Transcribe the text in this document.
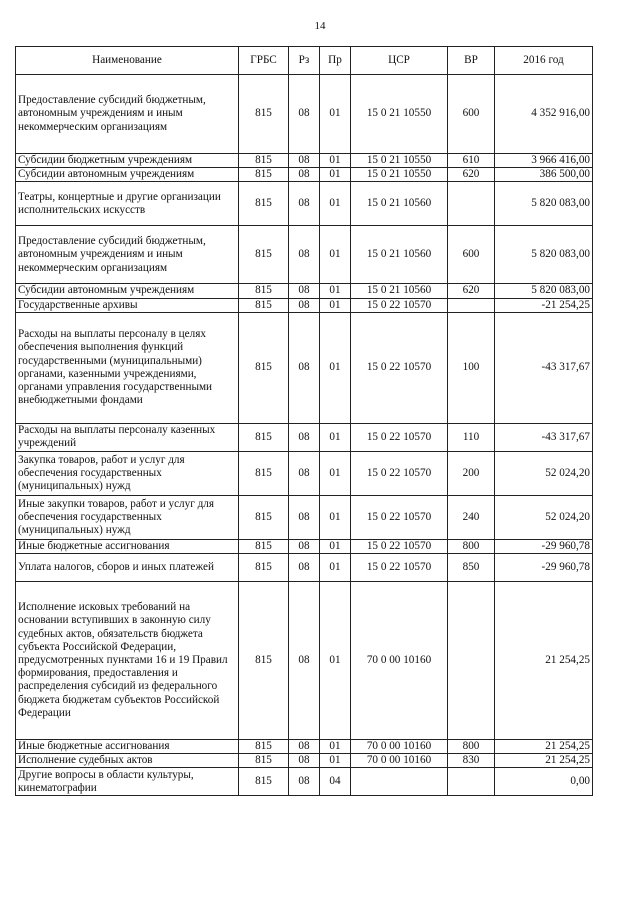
14
Наименование	ГРБС	Рз	Пр	ЦСР	ВР	2016 год
Предоставление субсидий бюджетным, автономным учреждениям и иным некоммерческим организациям	815	08	01	15 0 21 10550	600	4 352 916,00
Субсидии бюджетным учреждениям	815	08	01	15 0 21 10550	610	3 966 416,00
Субсидии автономным учреждениям	815	08	01	15 0 21 10550	620	386 500,00
Театры, концертные и другие организации исполнительских искусств	815	08	01	15 0 21 10560		5 820 083,00
Предоставление субсидий бюджетным, автономным учреждениям и иным некоммерческим организациям	815	08	01	15 0 21 10560	600	5 820 083,00
Субсидии автономным учреждениям	815	08	01	15 0 21 10560	620	5 820 083,00
Государственные архивы	815	08	01	15 0 22 10570		-21 254,25
Расходы на выплаты персоналу в целях обеспечения выполнения функций государственными (муниципальными) органами, казенными учреждениями, органами управления государственными внебюджетными фондами	815	08	01	15 0 22 10570	100	-43 317,67
Расходы на выплаты персоналу казенных учреждений	815	08	01	15 0 22 10570	110	-43 317,67
Закупка товаров, работ и услуг для обеспечения государственных (муниципальных) нужд	815	08	01	15 0 22 10570	200	52 024,20
Иные закупки товаров, работ и услуг для обеспечения государственных (муниципальных) нужд	815	08	01	15 0 22 10570	240	52 024,20
Иные бюджетные ассигнования	815	08	01	15 0 22 10570	800	-29 960,78
Уплата налогов, сборов и иных платежей	815	08	01	15 0 22 10570	850	-29 960,78
Исполнение исковых требований на основании вступивших в законную силу судебных актов, обязательств бюджета субъекта Российской Федерации, предусмотренных пунктами 16 и 19 Правил формирования, предоставления и распределения субсидий из федерального бюджета бюджетам субъектов Российской Федерации	815	08	01	70 0 00 10160		21 254,25
Иные бюджетные ассигнования	815	08	01	70 0 00 10160	800	21 254,25
Исполнение судебных актов	815	08	01	70 0 00 10160	830	21 254,25
Другие вопросы в области культуры, кинематографии	815	08	04			0,00
